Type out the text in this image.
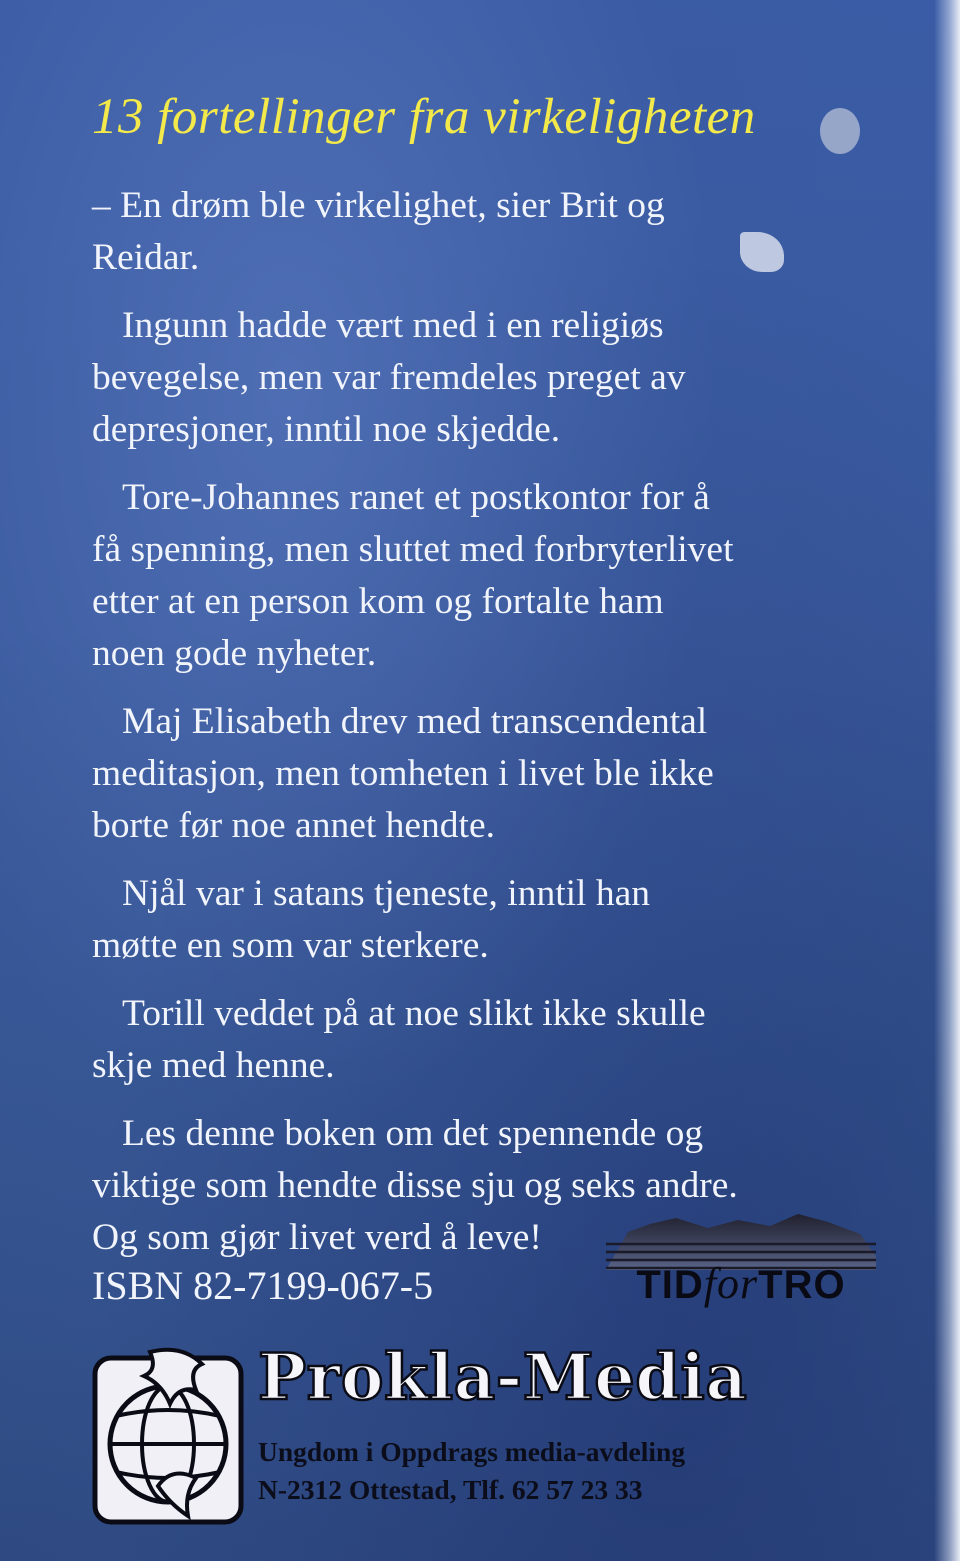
13 fortellinger fra virkeligheten

– En drøm ble virkelighet, sier Brit og
Reidar.

Ingunn hadde vært med i en religiøs
bevegelse, men var fremdeles preget av
depresjoner, inntil noe skjedde.

Tore-Johannes ranet et postkontor for å
få spenning, men sluttet med forbryterlivet
etter at en person kom og fortalte ham
noen gode nyheter.

Maj Elisabeth drev med transcendental
meditasjon, men tomheten i livet ble ikke
borte før noe annet hendte.

Njål var i satans tjeneste, inntil han
møtte en som var sterkere.

Torill veddet på at noe slikt ikke skulle
skje med henne.

Les denne boken om det spennende og
viktige som hendte disse sju og seks andre.
Og som gjør livet verd å leve!

ISBN 82-7199-067-5	TIDforTRO
Prokla-Media

Ungdom i Oppdrags media-avdeling

N-2312 Ottestad, Tlf. 62 57 23 33
